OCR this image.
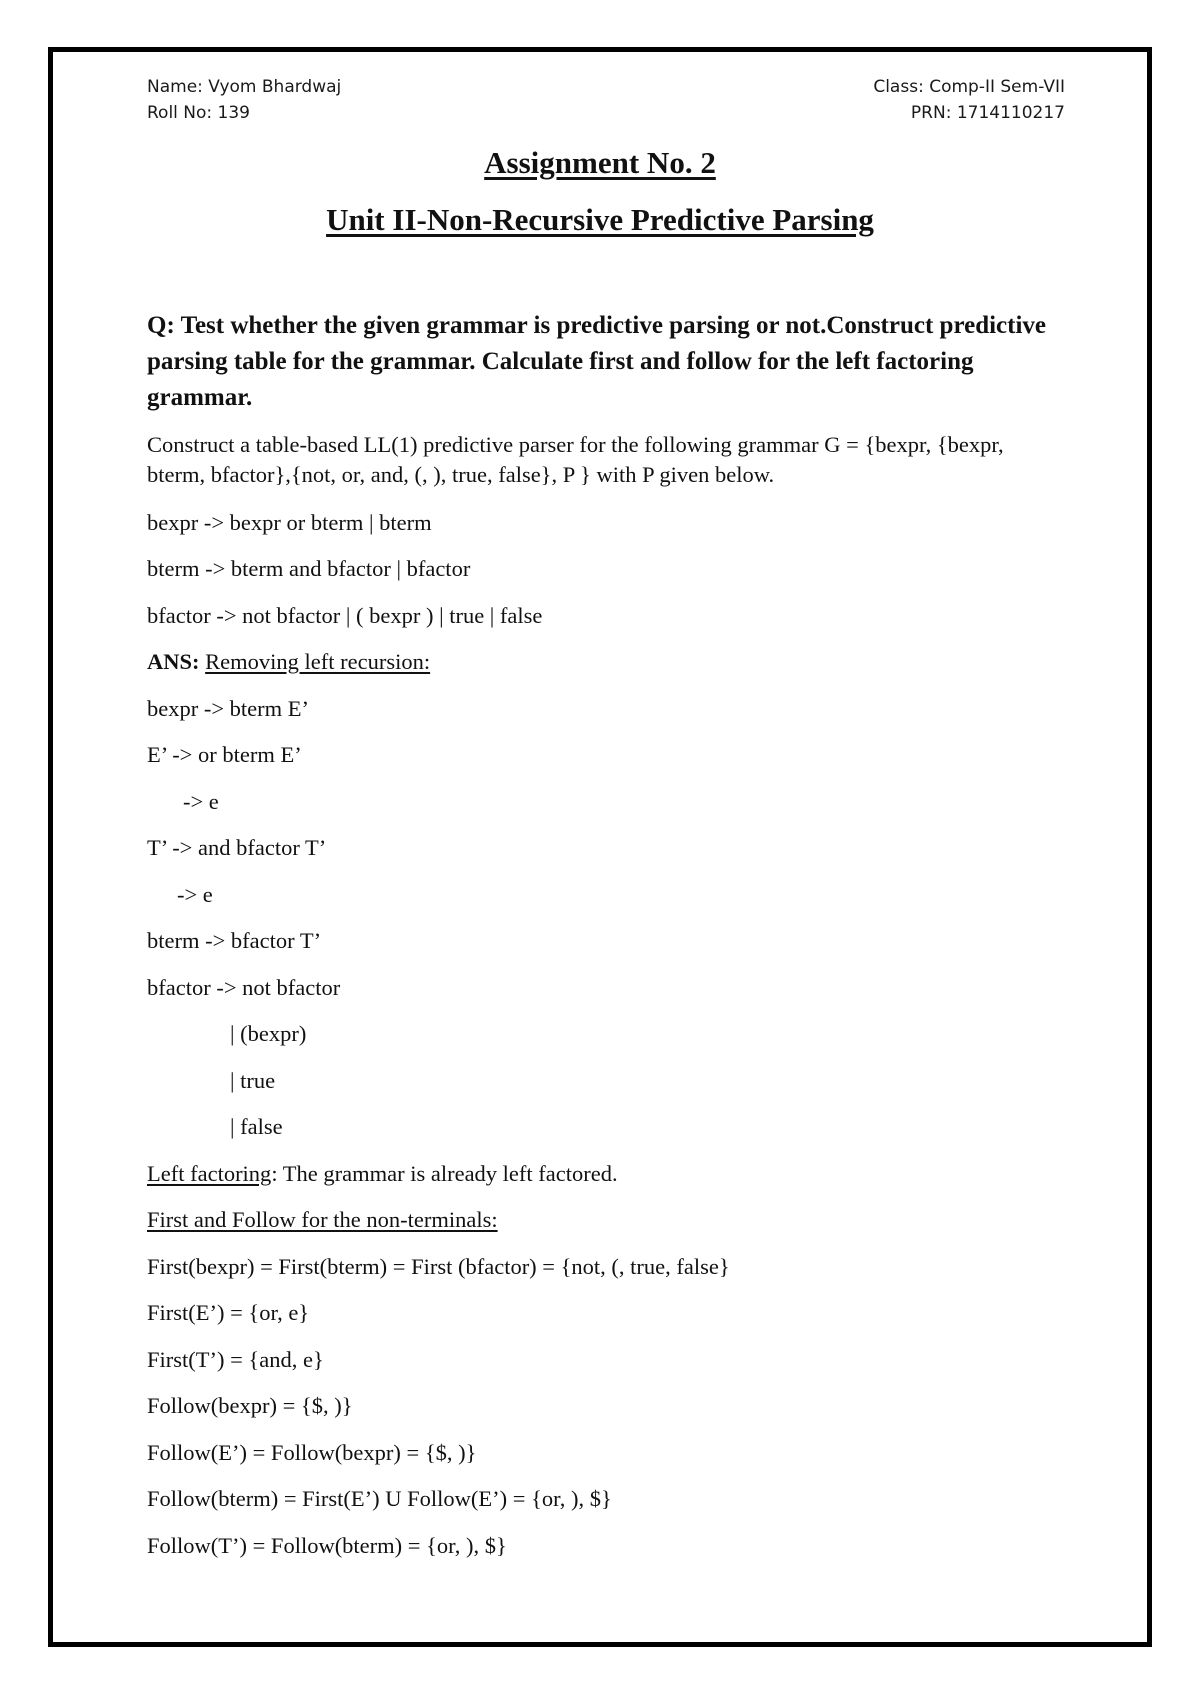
Name: Vyom Bhardwaj
Roll No: 139
Class: Comp-II Sem-VII
PRN: 1714110217
Assignment No. 2
Unit II-Non-Recursive Predictive Parsing
Q: Test whether the given grammar is predictive parsing or not.Construct predictive parsing table for the grammar. Calculate first and follow for the left factoring grammar.
Construct a table-based LL(1) predictive parser for the following grammar G = {bexpr, {bexpr, bterm, bfactor},{not, or, and, (, ), true, false}, P } with P given below.
bexpr -> bexpr or bterm | bterm
bterm -> bterm and bfactor | bfactor
bfactor -> not bfactor | ( bexpr ) | true | false
ANS: Removing left recursion:
bexpr -> bterm E’
E’ -> or bterm E’
-> e
T’ -> and bfactor T’
-> e
bterm -> bfactor T’
bfactor -> not bfactor
| (bexpr)
| true
| false
Left factoring: The grammar is already left factored.
First and Follow for the non-terminals:
First(bexpr) = First(bterm) = First (bfactor) = {not, (, true, false}
First(E’) = {or, e}
First(T’) = {and, e}
Follow(bexpr) = {$, )}
Follow(E’) = Follow(bexpr) = {$, )}
Follow(bterm) = First(E’) U Follow(E’) = {or, ), $}
Follow(T’) = Follow(bterm) = {or, ), $}
